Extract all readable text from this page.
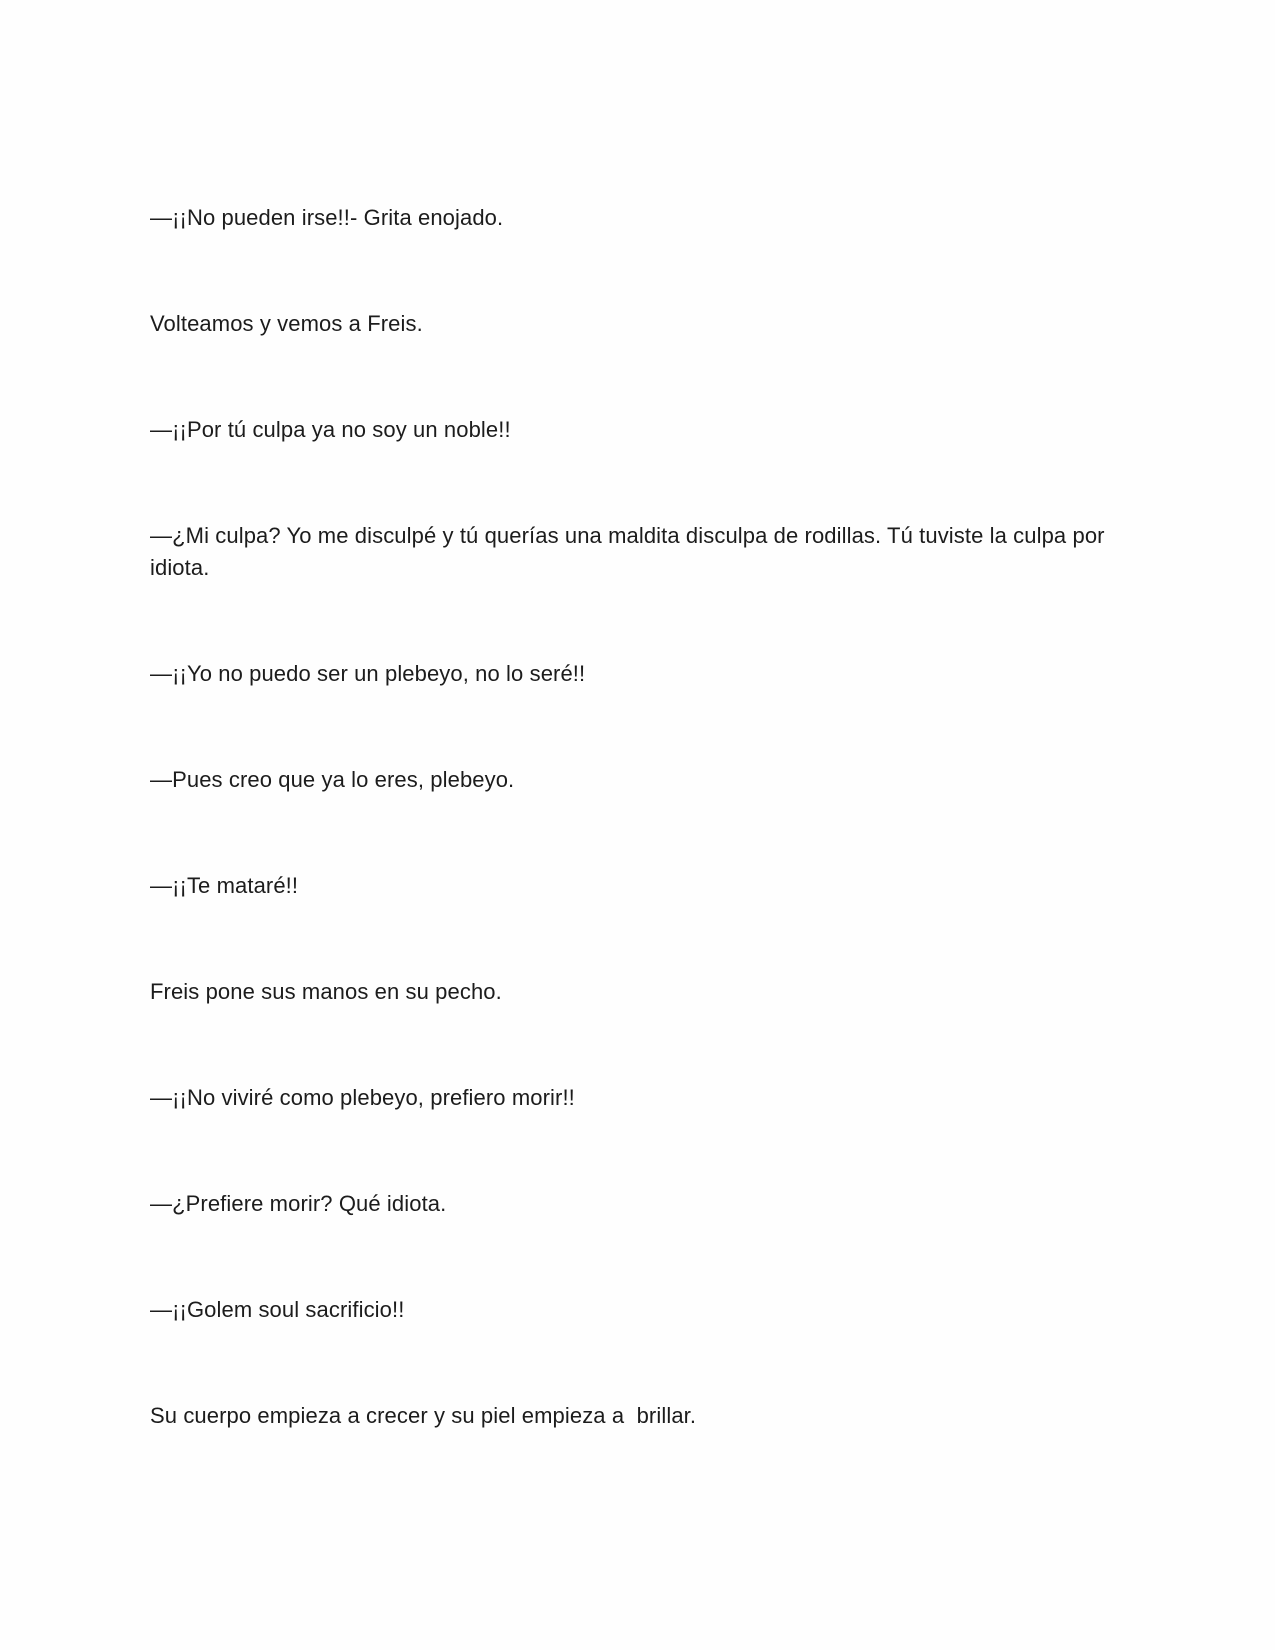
—¡¡No pueden irse!!- Grita enojado.

Volteamos y vemos a Freis.

—¡¡Por tú culpa ya no soy un noble!!

—¿Mi culpa? Yo me disculpé y tú querías una maldita disculpa de rodillas. Tú tuviste la culpa por idiota.

—¡¡Yo no puedo ser un plebeyo, no lo seré!!

—Pues creo que ya lo eres, plebeyo.

—¡¡Te mataré!!

Freis pone sus manos en su pecho.

—¡¡No viviré como plebeyo, prefiero morir!!

—¿Prefiere morir? Qué idiota.

—¡¡Golem soul sacrificio!!

Su cuerpo empieza a crecer y su piel empieza a  brillar.
